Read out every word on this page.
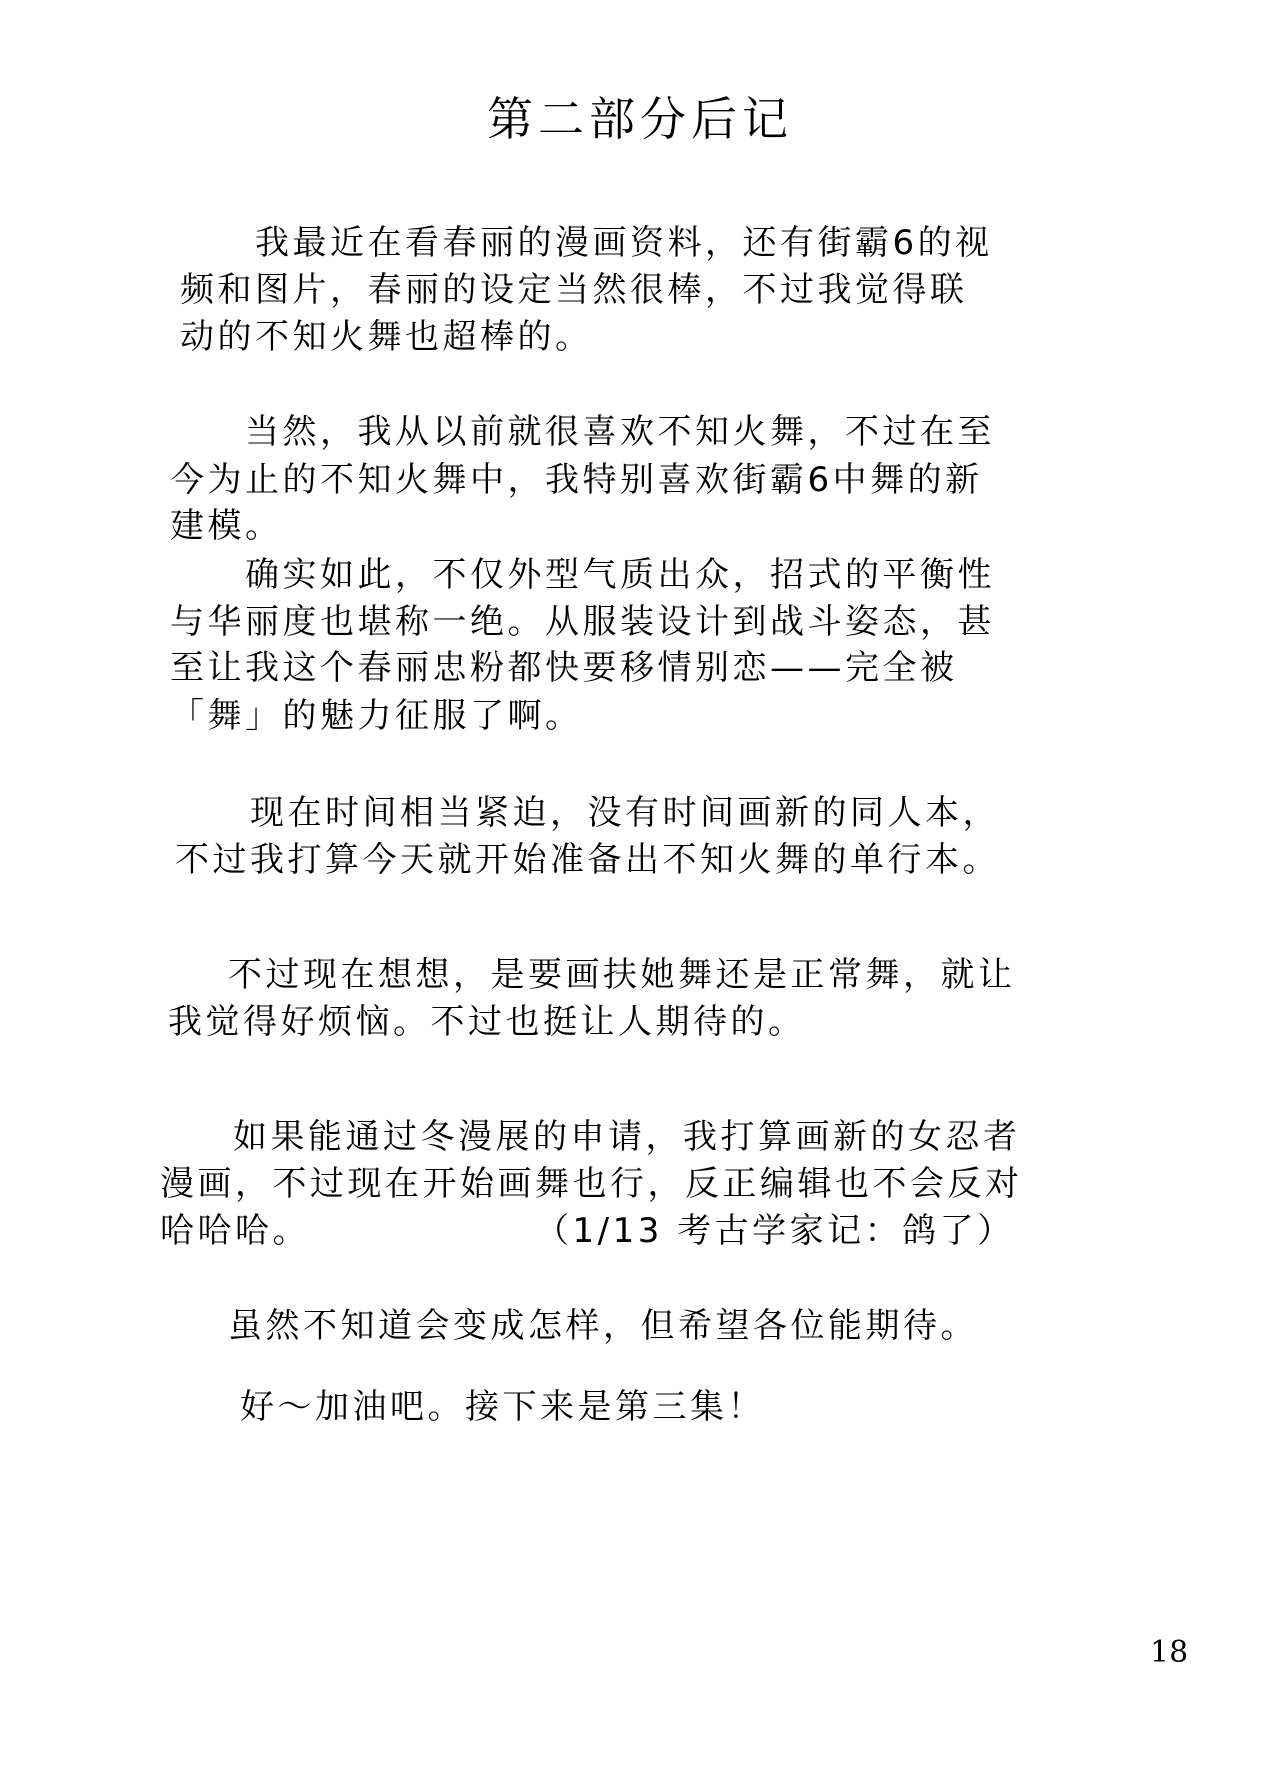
第二部分后记
我最近在看春丽的漫画资料，还有街霸6的视
频和图片，春丽的设定当然很棒，不过我觉得联
动的不知火舞也超棒的。
当然，我从以前就很喜欢不知火舞，不过在至
今为止的不知火舞中，我特别喜欢街霸6中舞的新
建模。
确实如此，不仅外型气质出众，招式的平衡性
与华丽度也堪称一绝。从服装设计到战斗姿态，甚
至让我这个春丽忠粉都快要移情别恋——完全被
「舞」的魅力征服了啊。
现在时间相当紧迫，没有时间画新的同人本，
不过我打算今天就开始准备出不知火舞的单行本。
不过现在想想，是要画扶她舞还是正常舞，就让
我觉得好烦恼。不过也挺让人期待的。
如果能通过冬漫展的申请，我打算画新的女忍者
漫画，不过现在开始画舞也行，反正编辑也不会反对
哈哈哈。	（1/13 考古学家记：鸽了）
虽然不知道会变成怎样，但希望各位能期待。
好～加油吧。接下来是第三集！
18
